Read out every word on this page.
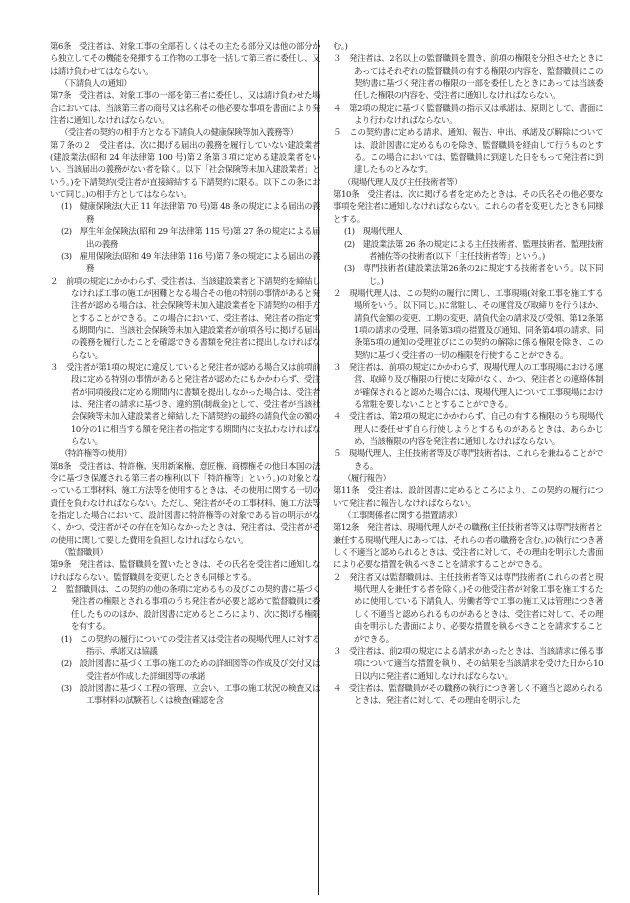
第6条　受注者は、対象工事の全部若しくはその主たる部分又は他の部分から独立してその機能を発揮する工作物の工事を一括して第三者に委任し、又は請け負わせてはならない。

（下請負人の通知）

第7条　受注者は、対象工事の一部を第三者に委任し、又は請け負わせた場合においては、当該第三者の商号又は名称その他必要な事項を書面により発注者に通知しなければならない。

（受注者の契約の相手方となる下請負人の健康保険等加入義務等）

第７条の２　受注者は、次に掲げる届出の義務を履行していない建設業者(建設業法(昭和 24 年法律第 100 号)第２条第３項に定める建設業者をいい、当該届出の義務がない者を除く。以下「社会保険等未加入建設業者」という。)を下請契約(受注者が直接締結する下請契約に限る。以下この条において同じ。)の相手方としてはならない。

(1)　健康保険法(大正 11 年法律第 70 号)第 48 条の規定による届出の義務

(2)　厚生年金保険法(昭和 29 年法律第 115 号)第 27 条の規定による届出の義務

(3)　雇用保険法(昭和 49 年法律第 116 号)第７条の規定による届出の義務

２　前項の規定にかかわらず、受注者は、当該建設業者と下請契約を締結しなければ工事の施工が困難となる場合その他の特別の事情があると発注者が認める場合は、社会保険等未加入建設業者を下請契約の相手方とすることができる。この場合において、受注者は、発注者の指定する期間内に、当該社会保険等未加入建設業者が前項各号に掲げる届出の義務を履行したことを確認できる書類を発注者に提出しなければならない。

３　受注者が第1項の規定に違反していると発注者が認める場合又は前項前段に定める特別の事情があると発注者が認めたにもかかわらず、受注者が同項後段に定める期間内に書類を提出しなかった場合は、受注者は、発注者の請求に基づき、違約罰(制裁金)として、受注者が当該社会保険等未加入建設業者と締結した下請契約の最終の請負代金の額の10分の1に相当する額を発注者の指定する期間内に支払わなければならない。

（特許権等の使用）

第8条　受注者は、特許権、実用新案権、意匠権、商標権その他日本国の法令に基づき保護される第三者の権利(以下「特許権等」という。)の対象となっている工事材料、施工方法等を使用するときは、その使用に関する一切の責任を負わなければならない。ただし、発注者がその工事材料、施工方法等を指定した場合において、設計図書に特許権等の対象である旨の明示がなく、かつ、受注者がその存在を知らなかったときは、発注者は、受注者がその使用に関して要した費用を負担しなければならない。

（監督職員）

第9条　発注者は、監督職員を置いたときは、その氏名を受注者に通知しなければならない。監督職員を変更したときも同様とする。

２　監督職員は、この契約の他の条項に定めるもの及びこの契約書に基づく発注者の権限とされる事項のうち発注者が必要と認めて監督職員に委任したもののほか、設計図書に定めるところにより、次に掲げる権限を有する。

(1)　この契約の履行についての受注者又は受注者の現場代理人に対する指示、承諾又は協議

(2)　設計図書に基づく工事の施工のための詳細図等の作成及び交付又は受注者が作成した詳細図等の承諾

(3)　設計図書に基づく工程の管理、立会い、工事の施工状況の検査又は工事材料の試験若しくは検査(確認を含

む。)

３　発注者は、2名以上の監督職員を置き、前項の権限を分担させたときにあってはそれぞれの監督職員の有する権限の内容を、監督職員にこの契約書に基づく発注者の権限の一部を委任したときにあっては当該委任した権限の内容を、受注者に通知しなければならない。

４　第2項の規定に基づく監督職員の指示又は承諾は、原則として、書面により行わなければならない。

５　この契約書に定める請求、通知、報告、申出、承諾及び解除については、設計図書に定めるものを除き、監督職員を経由して行うものとする。この場合においては、監督職員に到達した日をもって発注者に到達したものとみなす。

（現場代理人及び主任技術者等）

第10条　受注者は、次に掲げる者を定めたときは、その氏名その他必要な事項を発注者に通知しなければならない。これらの者を変更したときも同様とする。

(1)　現場代理人

(2)　建設業法第 26 条の規定による主任技術者、監理技術者、監理技術者補佐等の技術者(以下「主任技術者等」という。)

(3)　専門技術者(建設業法第26条の2に規定する技術者をいう。以下同じ。)

２　現場代理人は、この契約の履行に関し、工事現場(対象工事を施工する場所をいう。以下同じ。)に常駐し、その運営及び取締りを行うほか、請負代金額の変更、工期の変更、請負代金の請求及び受領、第12条第1項の請求の受理、同条第3項の措置及び通知、同条第4項の請求、同条第5項の通知の受理並びにこの契約の解除に係る権限を除き、この契約に基づく受注者の一切の権限を行使することができる。

３　発注者は、前項の規定にかかわらず、現場代理人の工事現場における運営、取締り及び権限の行使に支障がなく、かつ、発注者との連絡体制が確保されると認めた場合には、現場代理人について工事現場における常駐を要しないこととすることができる。

４　受注者は、第2項の規定にかかわらず、自己の有する権限のうち現場代理人に委任せず自ら行使しようとするものがあるときは、あらかじめ、当該権限の内容を発注者に通知しなければならない。

５　現場代理人、主任技術者等及び専門技術者は、これらを兼ねることができる。

（履行報告）

第11条　受注者は、設計図書に定めるところにより、この契約の履行について発注者に報告しなければならない。

（工事関係者に関する措置請求）

第12条　発注者は、現場代理人がその職務(主任技術者等又は専門技術者と兼任する現場代理人にあっては、それらの者の職務を含む。)の執行につき著しく不適当と認められるときは、受注者に対して、その理由を明示した書面により必要な措置を執るべきことを請求することができる。

２　発注者又は監督職員は、主任技術者等又は専門技術者(これらの者と現場代理人を兼任する者を除く。)その他受注者が対象工事を施工するために使用している下請負人、労働者等で工事の施工又は管理につき著しく不適当と認められるものがあるときは、受注者に対して、その理由を明示した書面により、必要な措置を執るべきことを請求することができる。

３　受注者は、前2項の規定による請求があったときは、当該請求に係る事項について適当な措置を執り、その結果を当該請求を受けた日から10日以内に発注者に通知しなければならない。

４　受注者は、監督職員がその職務の執行につき著しく不適当と認められるときは、発注者に対して、その理由を明示した
